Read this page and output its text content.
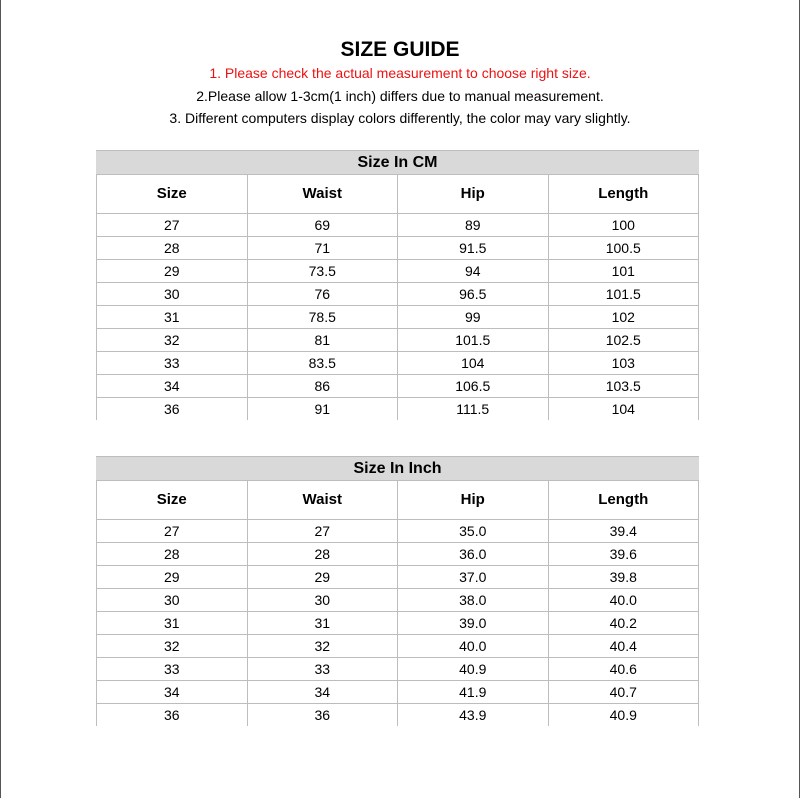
SIZE GUIDE
1. Please check the actual measurement to choose right size.
2.Please allow 1-3cm(1 inch) differs due to manual measurement.
3. Different computers display colors differently, the color may vary slightly.
Size In CM
Size	Waist	Hip	Length
27	69	89	100
28	71	91.5	100.5
29	73.5	94	101
30	76	96.5	101.5
31	78.5	99	102
32	81	101.5	102.5
33	83.5	104	103
34	86	106.5	103.5
36	91	111.5	104
Size In Inch
Size	Waist	Hip	Length
27	27	35.0	39.4
28	28	36.0	39.6
29	29	37.0	39.8
30	30	38.0	40.0
31	31	39.0	40.2
32	32	40.0	40.4
33	33	40.9	40.6
34	34	41.9	40.7
36	36	43.9	40.9
